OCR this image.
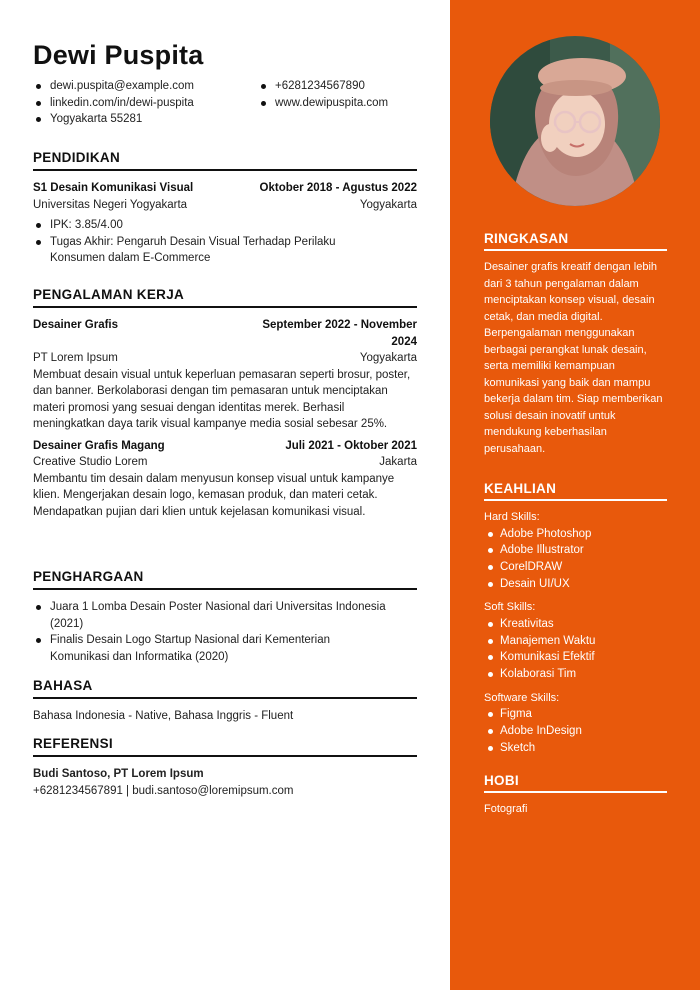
Dewi Puspita
dewi.puspita@example.com
linkedin.com/in/dewi-puspita
Yogyakarta 55281
+6281234567890
www.dewipuspita.com
PENDIDIKAN
S1 Desain Komunikasi Visual	Oktober 2018 - Agustus 2022
Universitas Negeri Yogyakarta	Yogyakarta
IPK: 3.85/4.00
Tugas Akhir: Pengaruh Desain Visual Terhadap Perilaku Konsumen dalam E-Commerce
PENGALAMAN KERJA
Desainer Grafis	September 2022 - November 2024
PT Lorem Ipsum	Yogyakarta
Membuat desain visual untuk keperluan pemasaran seperti brosur, poster, dan banner. Berkolaborasi dengan tim pemasaran untuk menciptakan materi promosi yang sesuai dengan identitas merek. Berhasil meningkatkan daya tarik visual kampanye media sosial sebesar 25%.
Desainer Grafis Magang	Juli 2021 - Oktober 2021
Creative Studio Lorem	Jakarta
Membantu tim desain dalam menyusun konsep visual untuk kampanye klien. Mengerjakan desain logo, kemasan produk, dan materi cetak. Mendapatkan pujian dari klien untuk kejelasan komunikasi visual.
PENGHARGAAN
Juara 1 Lomba Desain Poster Nasional dari Universitas Indonesia (2021)
Finalis Desain Logo Startup Nasional dari Kementerian Komunikasi dan Informatika (2020)
BAHASA
Bahasa Indonesia - Native, Bahasa Inggris - Fluent
REFERENSI
Budi Santoso, PT Lorem Ipsum
+6281234567891 | budi.santoso@loremipsum.com
RINGKASAN
Desainer grafis kreatif dengan lebih dari 3 tahun pengalaman dalam menciptakan konsep visual, desain cetak, dan media digital. Berpengalaman menggunakan berbagai perangkat lunak desain, serta memiliki kemampuan komunikasi yang baik dan mampu bekerja dalam tim. Siap memberikan solusi desain inovatif untuk mendukung keberhasilan perusahaan.
KEAHLIAN
Hard Skills:
Adobe Photoshop
Adobe Illustrator
CorelDRAW
Desain UI/UX
Soft Skills:
Kreativitas
Manajemen Waktu
Komunikasi Efektif
Kolaborasi Tim
Software Skills:
Figma
Adobe InDesign
Sketch
HOBI
Fotografi
